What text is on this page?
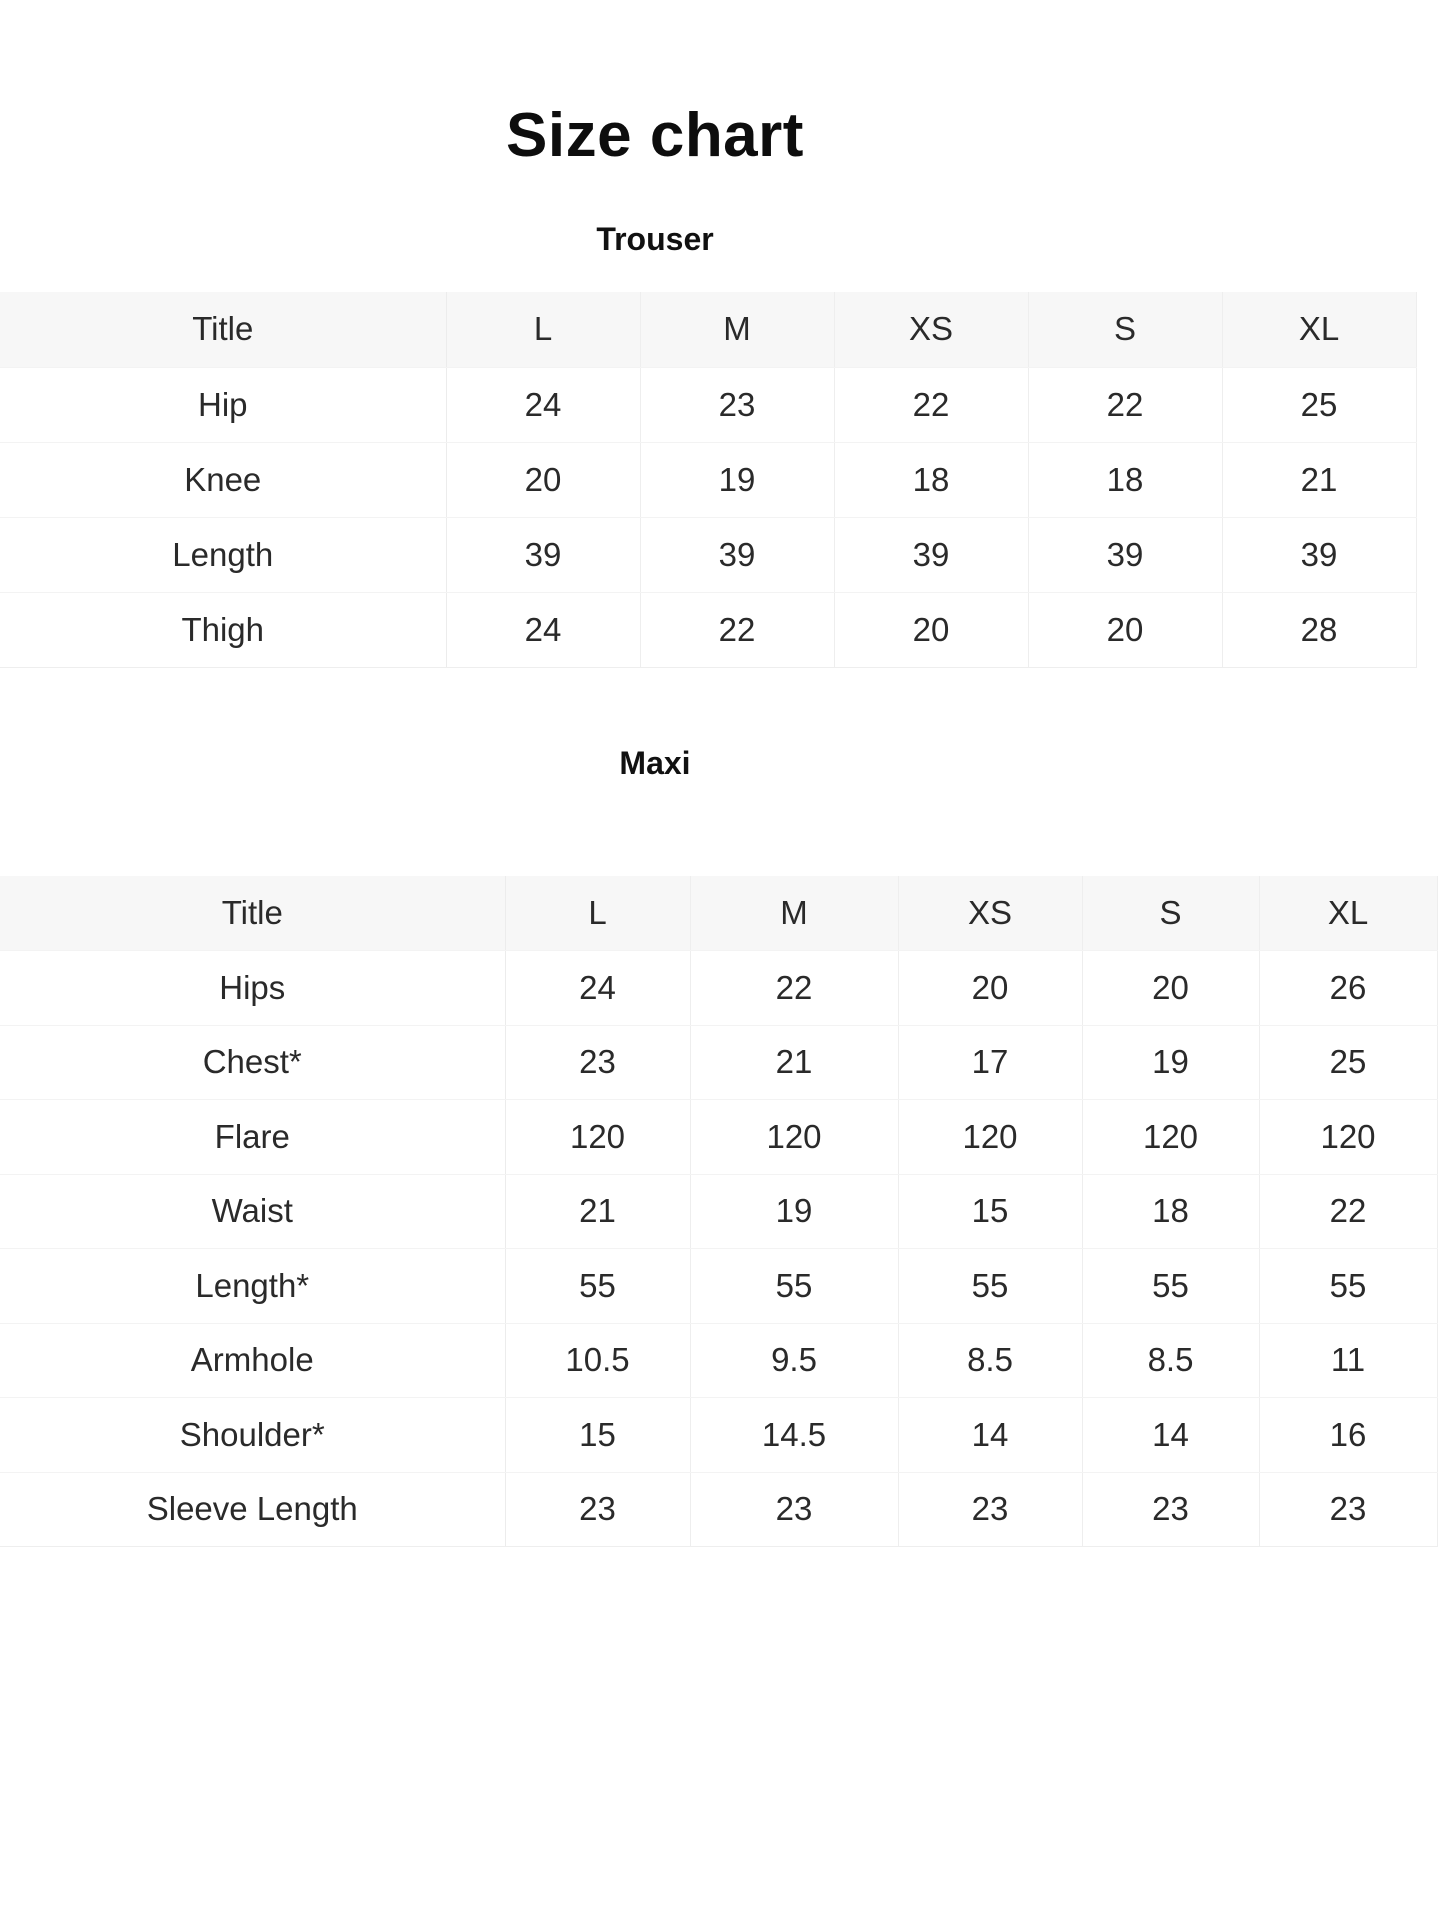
Size chart
Trouser
Title	L	M	XS	S	XL
Hip	24	23	22	22	25
Knee	20	19	18	18	21
Length	39	39	39	39	39
Thigh	24	22	20	20	28
Maxi
Title	L	M	XS	S	XL
Hips	24	22	20	20	26
Chest*	23	21	17	19	25
Flare	120	120	120	120	120
Waist	21	19	15	18	22
Length*	55	55	55	55	55
Armhole	10.5	9.5	8.5	8.5	11
Shoulder*	15	14.5	14	14	16
Sleeve Length	23	23	23	23	23
